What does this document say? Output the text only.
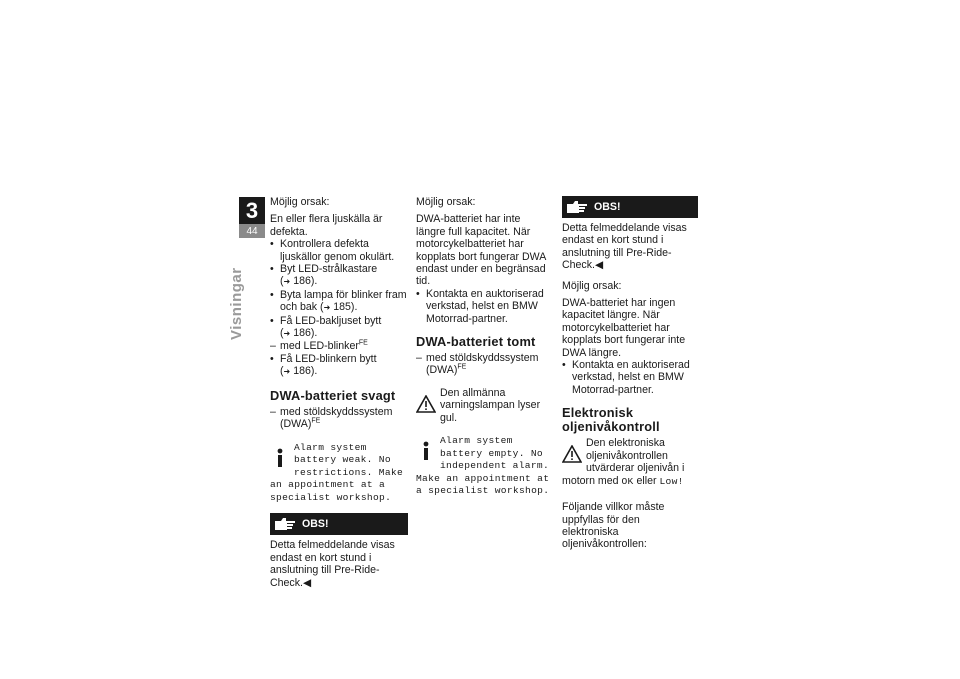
3
44
Visningar

Möjlig orsak:

En eller flera ljuskälla är defekta.

• Kontrollera defekta ljuskällor genom okulärt.
• Byt LED-strålkastare (➜ 186).
• Byta lampa för blinker fram och bak (➜ 185).
• Få LED-bakljuset bytt (➜ 186).
– med LED-blinker$^{FE}$
• Få LED-blinkern bytt (➜ 186).
DWA-batteriet svagt
– med stöldskyddssystem (DWA)$^{FE}$
Alarm system battery weak. No restrictions. Make an appointment at a specialist workshop.
OBS!

Detta felmeddelande visas endast en kort stund i anslutning till Pre-Ride-Check.◀

Möjlig orsak:

DWA-batteriet har inte längre full kapacitet. När motorcykelbatteriet har kopplats bort fungerar DWA endast under en begränsad tid.

• Kontakta en auktoriserad verkstad, helst en BMW Motorrad-partner.
DWA-batteriet tomt
– med stöldskyddssystem (DWA)$^{FE}$
Den allmänna varningslampan lyser gul.
Alarm system battery empty. No independent alarm. Make an appointment at a specialist workshop.
OBS!

Detta felmeddelande visas endast en kort stund i anslutning till Pre-Ride-Check.◀

Möjlig orsak:

DWA-batteriet har ingen kapacitet längre. När motorcykelbatteriet har kopplats bort fungerar inte DWA längre.

• Kontakta en auktoriserad verkstad, helst en BMW Motorrad-partner.
Elektronisk oljenivåkontroll
Den elektroniska oljenivåkontrollen utvärderar oljenivån i motorn med OK eller Low!

Följande villkor måste uppfyllas för den elektroniska oljenivåkontrollen:
